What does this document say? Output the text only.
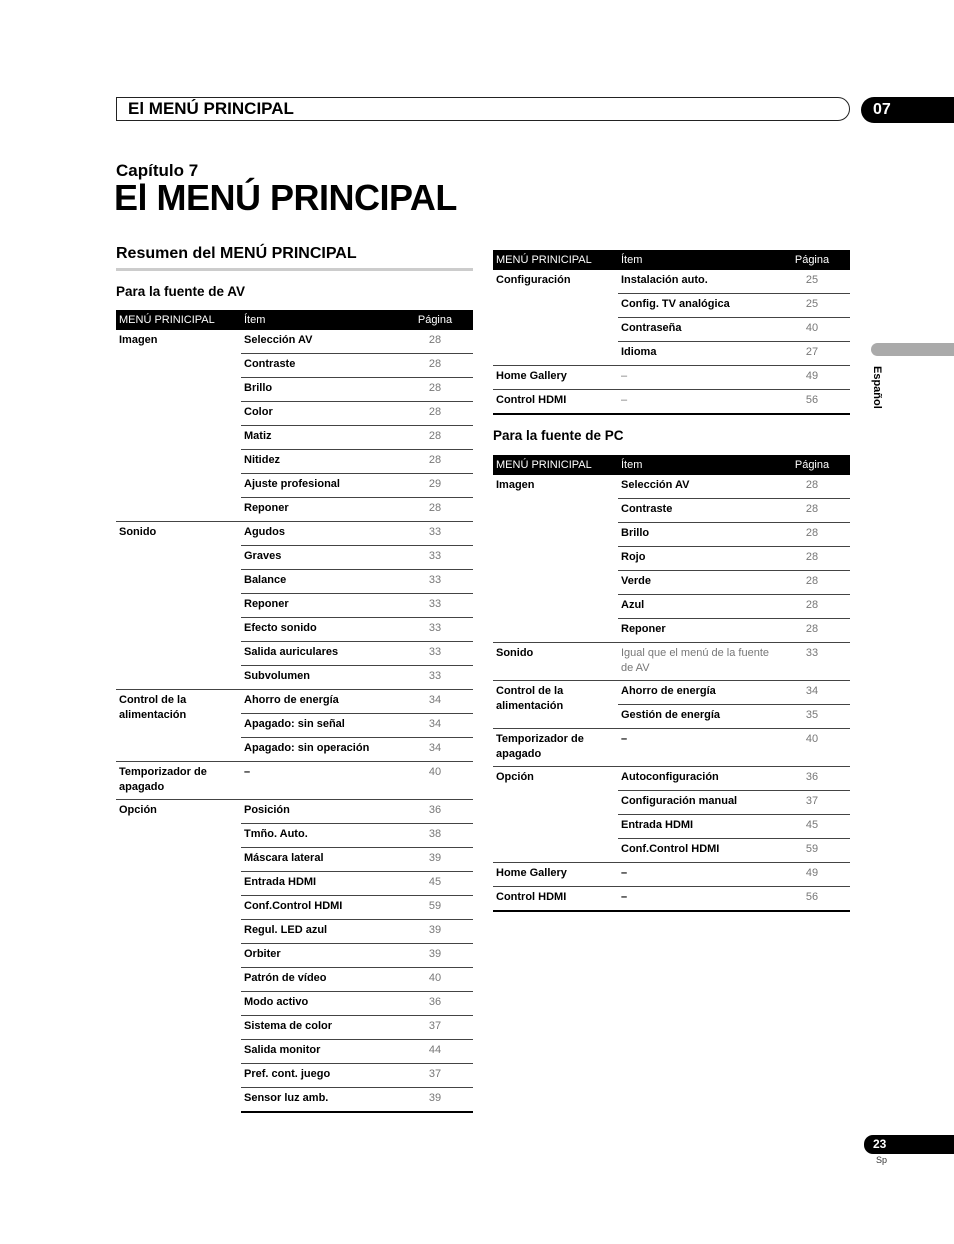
El MENÚ PRINCIPAL	07
Capítulo 7
El MENÚ PRINCIPAL
Resumen del MENÚ PRINCIPAL
Para la fuente de AV
Para la fuente de PC
MENÚ PRINICIPAL	Ítem	Página
Imagen	Selección AV	28
	Contraste	28
	Brillo	28
	Color	28
	Matiz	28
	Nitidez	28
	Ajuste profesional	29
	Reponer	28
Sonido	Agudos	33
	Graves	33
	Balance	33
	Reponer	33
	Efecto sonido	33
	Salida auriculares	33
	Subvolumen	33
Control de la alimentación	Ahorro de energía	34
	Apagado: sin señal	34
	Apagado: sin operación	34
Temporizador de apagado	–	40
Opción	Posición	36
	Tmño. Auto.	38
	Máscara lateral	39
	Entrada HDMI	45
	Conf.Control HDMI	59
	Regul. LED azul	39
	Orbiter	39
	Patrón de vídeo	40
	Modo activo	36
	Sistema de color	37
	Salida monitor	44
	Pref. cont. juego	37
	Sensor luz amb.	39
MENÚ PRINICIPAL	Ítem	Página
Configuración	Instalación auto.	25
	Config. TV analógica	25
	Contraseña	40
	Idioma	27
Home Gallery	–	49
Control HDMI	–	56
MENÚ PRINICIPAL	Ítem	Página
Imagen	Selección AV	28
	Contraste	28
	Brillo	28
	Rojo	28
	Verde	28
	Azul	28
	Reponer	28
Sonido	Igual que el menú de la fuente de AV	33
Control de la alimentación	Ahorro de energía	34
	Gestión de energía	35
Temporizador de apagado	–	40
Opción	Autoconfiguración	36
	Configuración manual	37
	Entrada HDMI	45
	Conf.Control HDMI	59
Home Gallery	–	49
Control HDMI	–	56
Español
23
Sp
